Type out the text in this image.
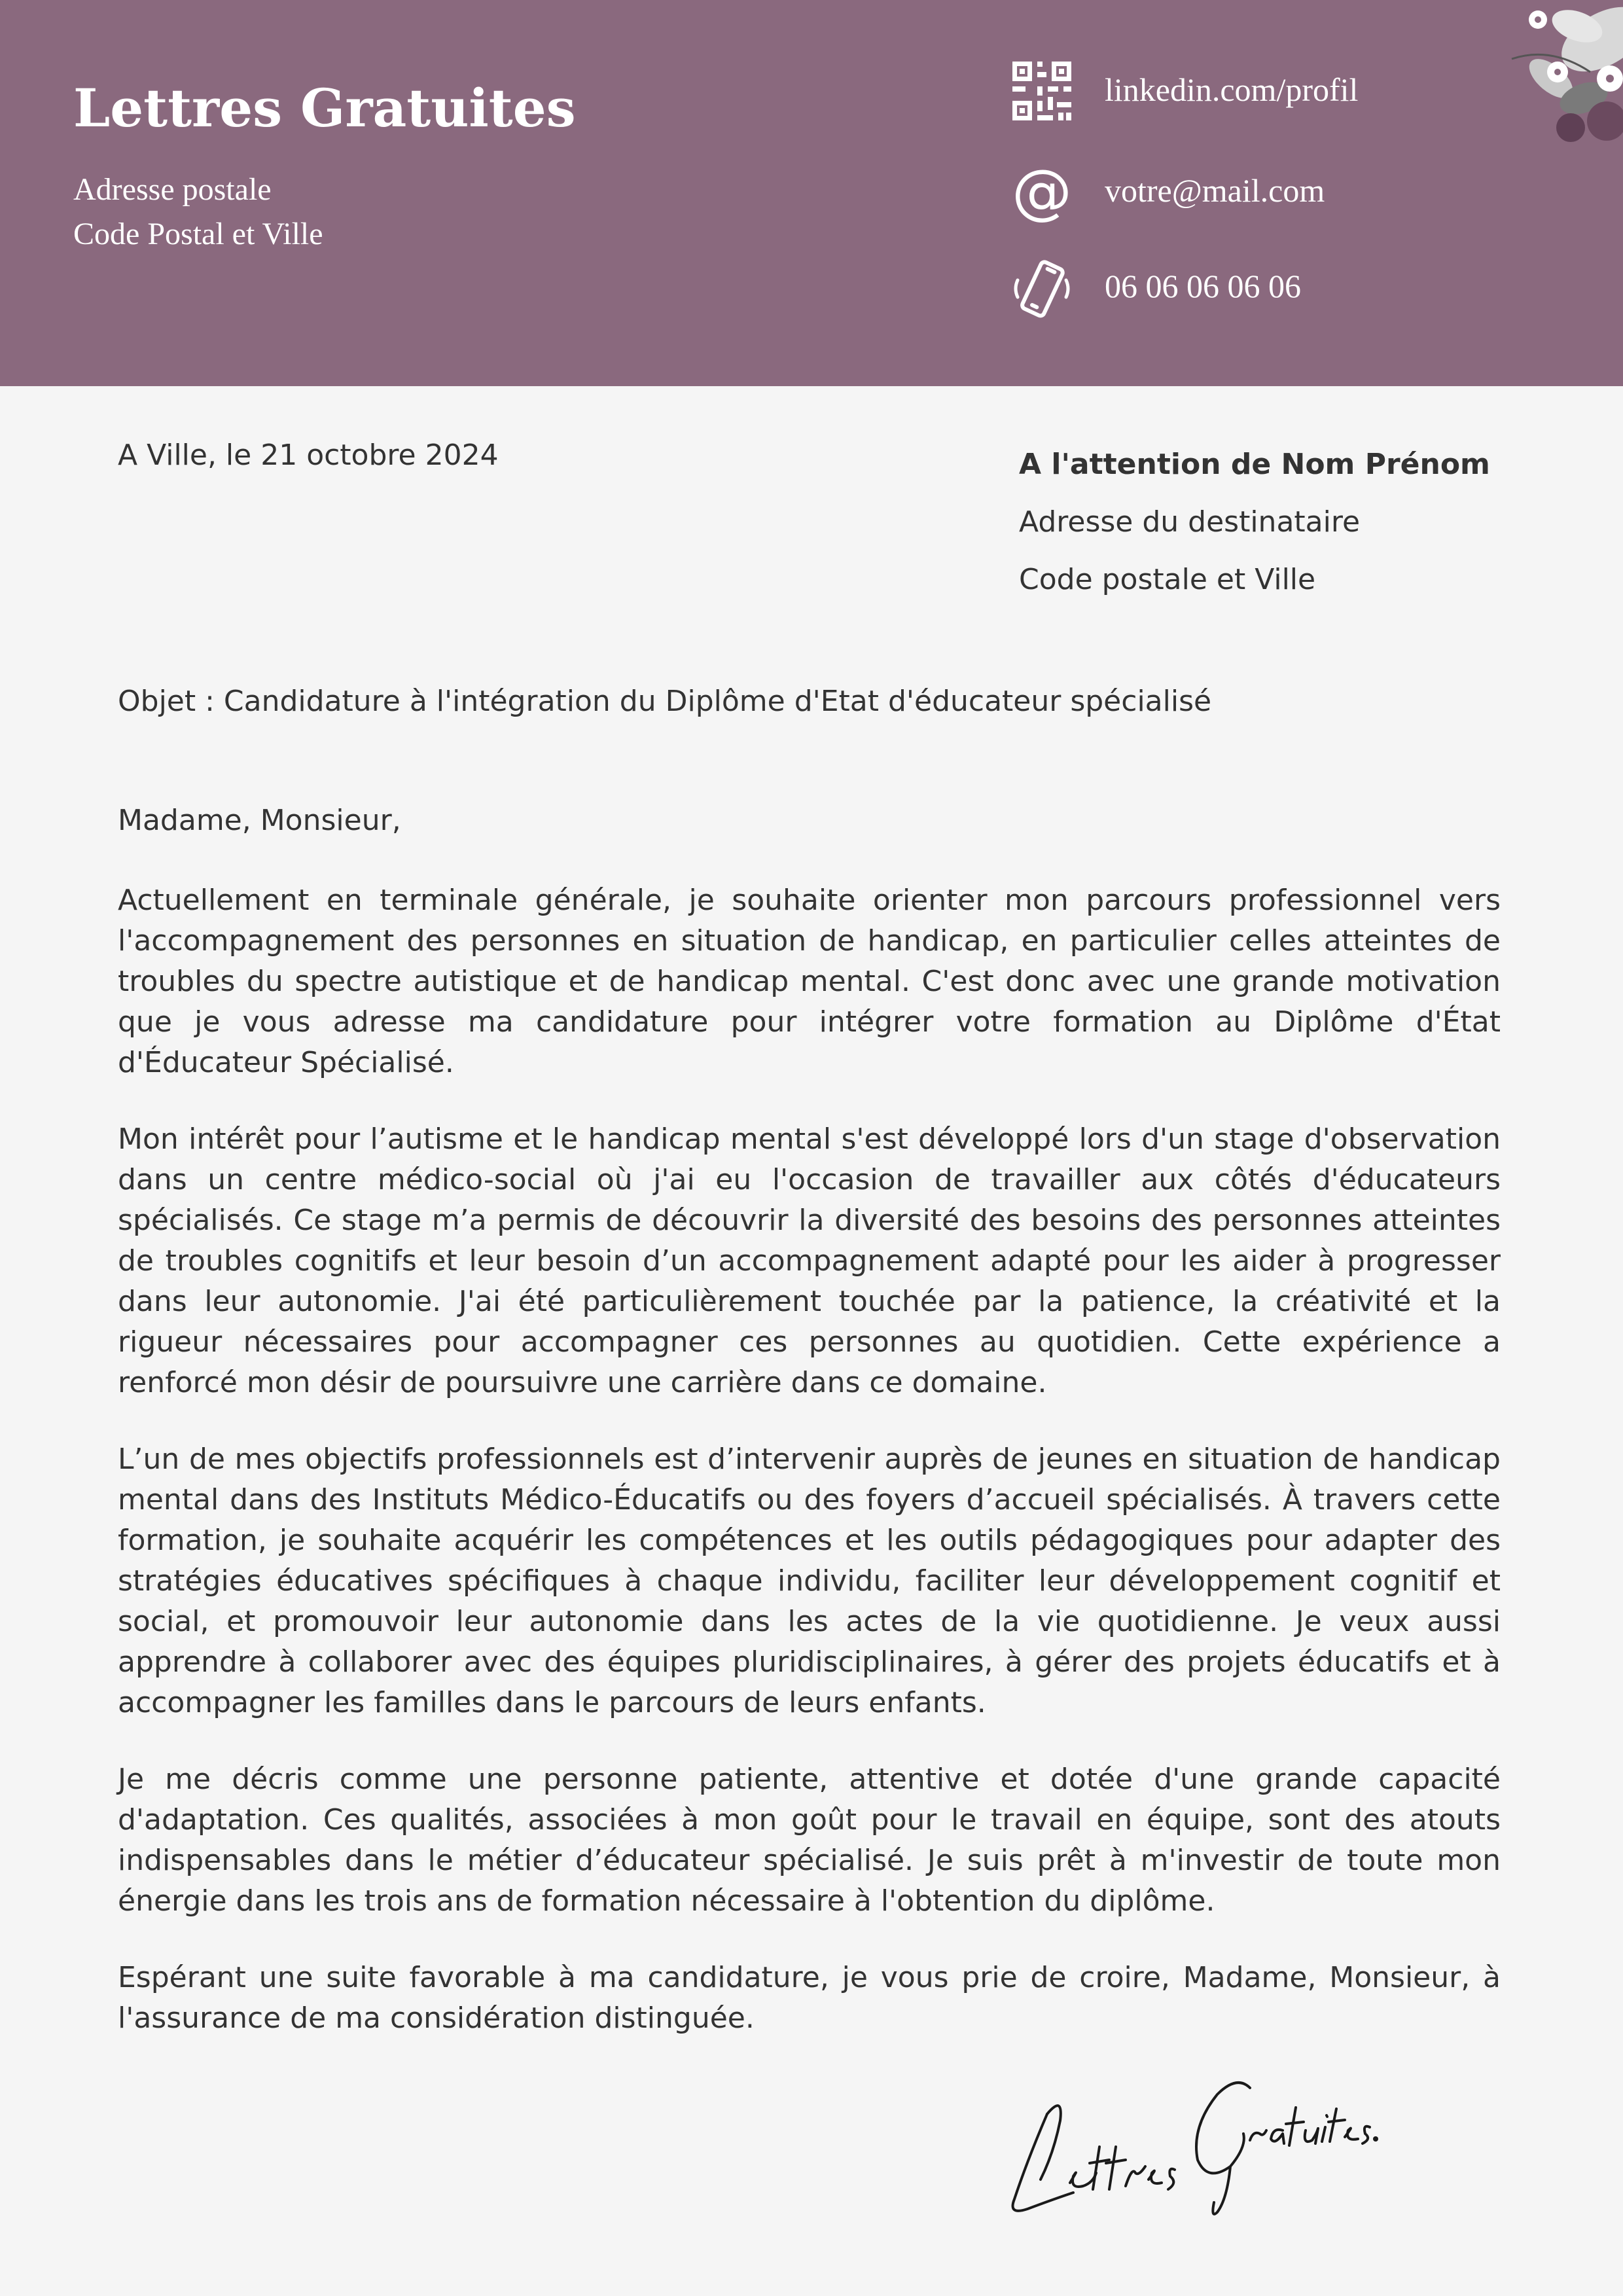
Lettres Gratuites
Adresse postale
Code Postal et Ville
linkedin.com/profil
@ votre@mail.com
06 06 06 06 06
A Ville, le 21 octobre 2024	A l'attention de Nom Prénom
Adresse du destinataire
Code postale et Ville
Objet : Candidature à l'intégration du Diplôme d'Etat d'éducateur spécialisé
Madame, Monsieur,

Actuellement en terminale générale, je souhaite orienter mon parcours professionnel vers l'accompagnement des personnes en situation de handicap, en particulier celles atteintes de troubles du spectre autistique et de handicap mental. C'est donc avec une grande motivation que je vous adresse ma candidature pour intégrer votre formation au Diplôme d'État d'Éducateur Spécialisé.

Mon intérêt pour l’autisme et le handicap mental s'est développé lors d'un stage d'observation dans un centre médico-social où j'ai eu l'occasion de travailler aux côtés d'éducateurs spécialisés. Ce stage m’a permis de découvrir la diversité des besoins des personnes atteintes de troubles cognitifs et leur besoin d’un accompagnement adapté pour les aider à progresser dans leur autonomie. J'ai été particulièrement touchée par la patience, la créativité et la rigueur nécessaires pour accompagner ces personnes au quotidien. Cette expérience a renforcé mon désir de poursuivre une carrière dans ce domaine.

L’un de mes objectifs professionnels est d’intervenir auprès de jeunes en situation de handicap mental dans des Instituts Médico-Éducatifs ou des foyers d’accueil spécialisés. À travers cette formation, je souhaite acquérir les compétences et les outils pédagogiques pour adapter des stratégies éducatives spécifiques à chaque individu, faciliter leur développement cognitif et social, et promouvoir leur autonomie dans les actes de la vie quotidienne. Je veux aussi apprendre à collaborer avec des équipes pluridisciplinaires, à gérer des projets éducatifs et à accompagner les familles dans le parcours de leurs enfants.

Je me décris comme une personne patiente, attentive et dotée d'une grande capacité d'adaptation. Ces qualités, associées à mon goût pour le travail en équipe, sont des atouts indispensables dans le métier d’éducateur spécialisé. Je suis prêt à m'investir de toute mon énergie dans les trois ans de formation nécessaire à l'obtention du diplôme.

Espérant une suite favorable à ma candidature, je vous prie de croire, Madame, Monsieur, à l'assurance de ma considération distinguée.
